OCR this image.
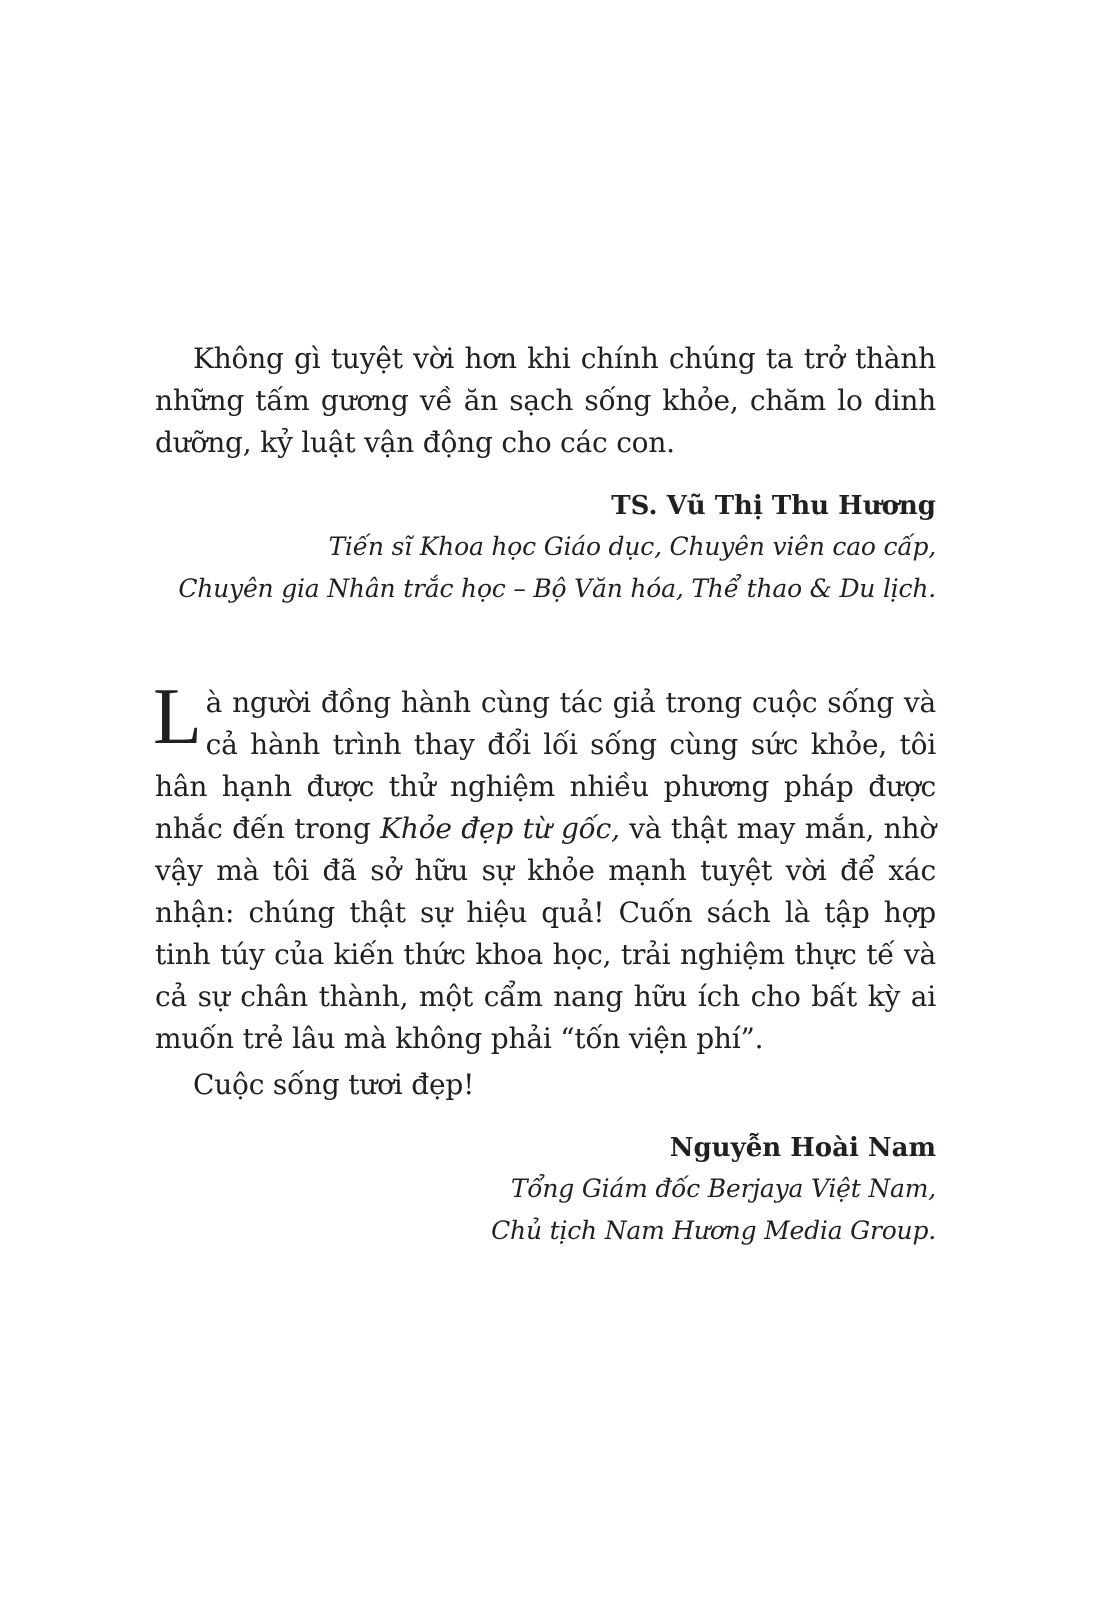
Không gì tuyệt vời hơn khi chính chúng ta trở thành những tấm gương về ăn sạch sống khỏe, chăm lo dinh dưỡng, kỷ luật vận động cho các con.

TS. Vũ Thị Thu Hương
Tiến sĩ Khoa học Giáo dục, Chuyên viên cao cấp,
Chuyên gia Nhân trắc học – Bộ Văn hóa, Thể thao & Du lịch.

Là người đồng hành cùng tác giả trong cuộc sống và cả hành trình thay đổi lối sống cùng sức khỏe, tôi hân hạnh được thử nghiệm nhiều phương pháp được nhắc đến trong Khỏe đẹp từ gốc, và thật may mắn, nhờ vậy mà tôi đã sở hữu sự khỏe mạnh tuyệt vời để xác nhận: chúng thật sự hiệu quả! Cuốn sách là tập hợp tinh túy của kiến thức khoa học, trải nghiệm thực tế và cả sự chân thành, một cẩm nang hữu ích cho bất kỳ ai muốn trẻ lâu mà không phải “tốn viện phí”.

Cuộc sống tươi đẹp!

Nguyễn Hoài Nam
Tổng Giám đốc Berjaya Việt Nam,
Chủ tịch Nam Hương Media Group.
